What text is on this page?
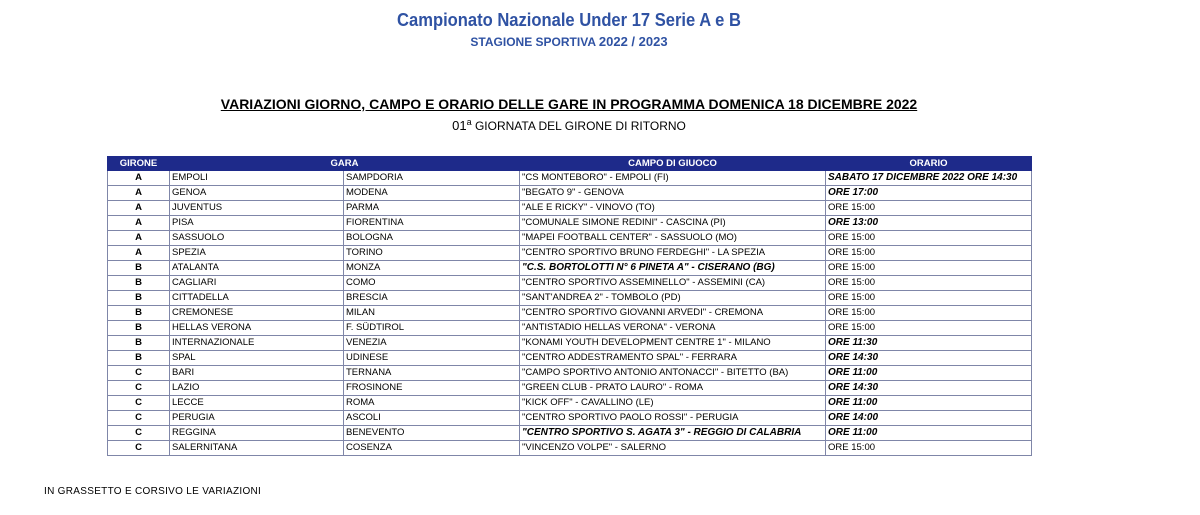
Campionato Nazionale Under 17 Serie A e B
STAGIONE SPORTIVA 2022 / 2023
VARIAZIONI GIORNO, CAMPO E ORARIO DELLE GARE IN PROGRAMMA DOMENICA 18 DICEMBRE 2022
01$^a$ GIORNATA DEL GIRONE DI RITORNO
GIRONE	GARA		CAMPO DI GIUOCO	ORARIO
A	EMPOLI	SAMPDORIA	"CS MONTEBORO" - EMPOLI (FI)	SABATO 17 DICEMBRE 2022 ORE 14:30
A	GENOA	MODENA	"BEGATO 9" - GENOVA	ORE 17:00
A	JUVENTUS	PARMA	"ALE E RICKY" - VINOVO (TO)	ORE 15:00
A	PISA	FIORENTINA	"COMUNALE SIMONE REDINI" - CASCINA (PI)	ORE 13:00
A	SASSUOLO	BOLOGNA	"MAPEI FOOTBALL CENTER" - SASSUOLO (MO)	ORE 15:00
A	SPEZIA	TORINO	"CENTRO SPORTIVO BRUNO FERDEGHI" - LA SPEZIA	ORE 15:00
B	ATALANTA	MONZA	"C.S. BORTOLOTTI N° 6 PINETA A" - CISERANO (BG)	ORE 15:00
B	CAGLIARI	COMO	"CENTRO SPORTIVO ASSEMINELLO" - ASSEMINI (CA)	ORE 15:00
B	CITTADELLA	BRESCIA	"SANT'ANDREA 2" - TOMBOLO (PD)	ORE 15:00
B	CREMONESE	MILAN	"CENTRO SPORTIVO GIOVANNI ARVEDI" - CREMONA	ORE 15:00
B	HELLAS VERONA	F. SÜDTIROL	"ANTISTADIO HELLAS VERONA" - VERONA	ORE 15:00
B	INTERNAZIONALE	VENEZIA	"KONAMI YOUTH DEVELOPMENT CENTRE 1" - MILANO	ORE 11:30
B	SPAL	UDINESE	"CENTRO ADDESTRAMENTO SPAL" - FERRARA	ORE 14:30
C	BARI	TERNANA	"CAMPO SPORTIVO ANTONIO ANTONACCI" - BITETTO (BA)	ORE 11:00
C	LAZIO	FROSINONE	"GREEN CLUB - PRATO LAURO" - ROMA	ORE 14:30
C	LECCE	ROMA	"KICK OFF" - CAVALLINO (LE)	ORE 11:00
C	PERUGIA	ASCOLI	"CENTRO SPORTIVO PAOLO ROSSI" - PERUGIA	ORE 14:00
C	REGGINA	BENEVENTO	"CENTRO SPORTIVO S. AGATA 3" - REGGIO DI CALABRIA	ORE 11:00
C	SALERNITANA	COSENZA	"VINCENZO VOLPE" - SALERNO	ORE 15:00
IN GRASSETTO E CORSIVO LE VARIAZIONI
